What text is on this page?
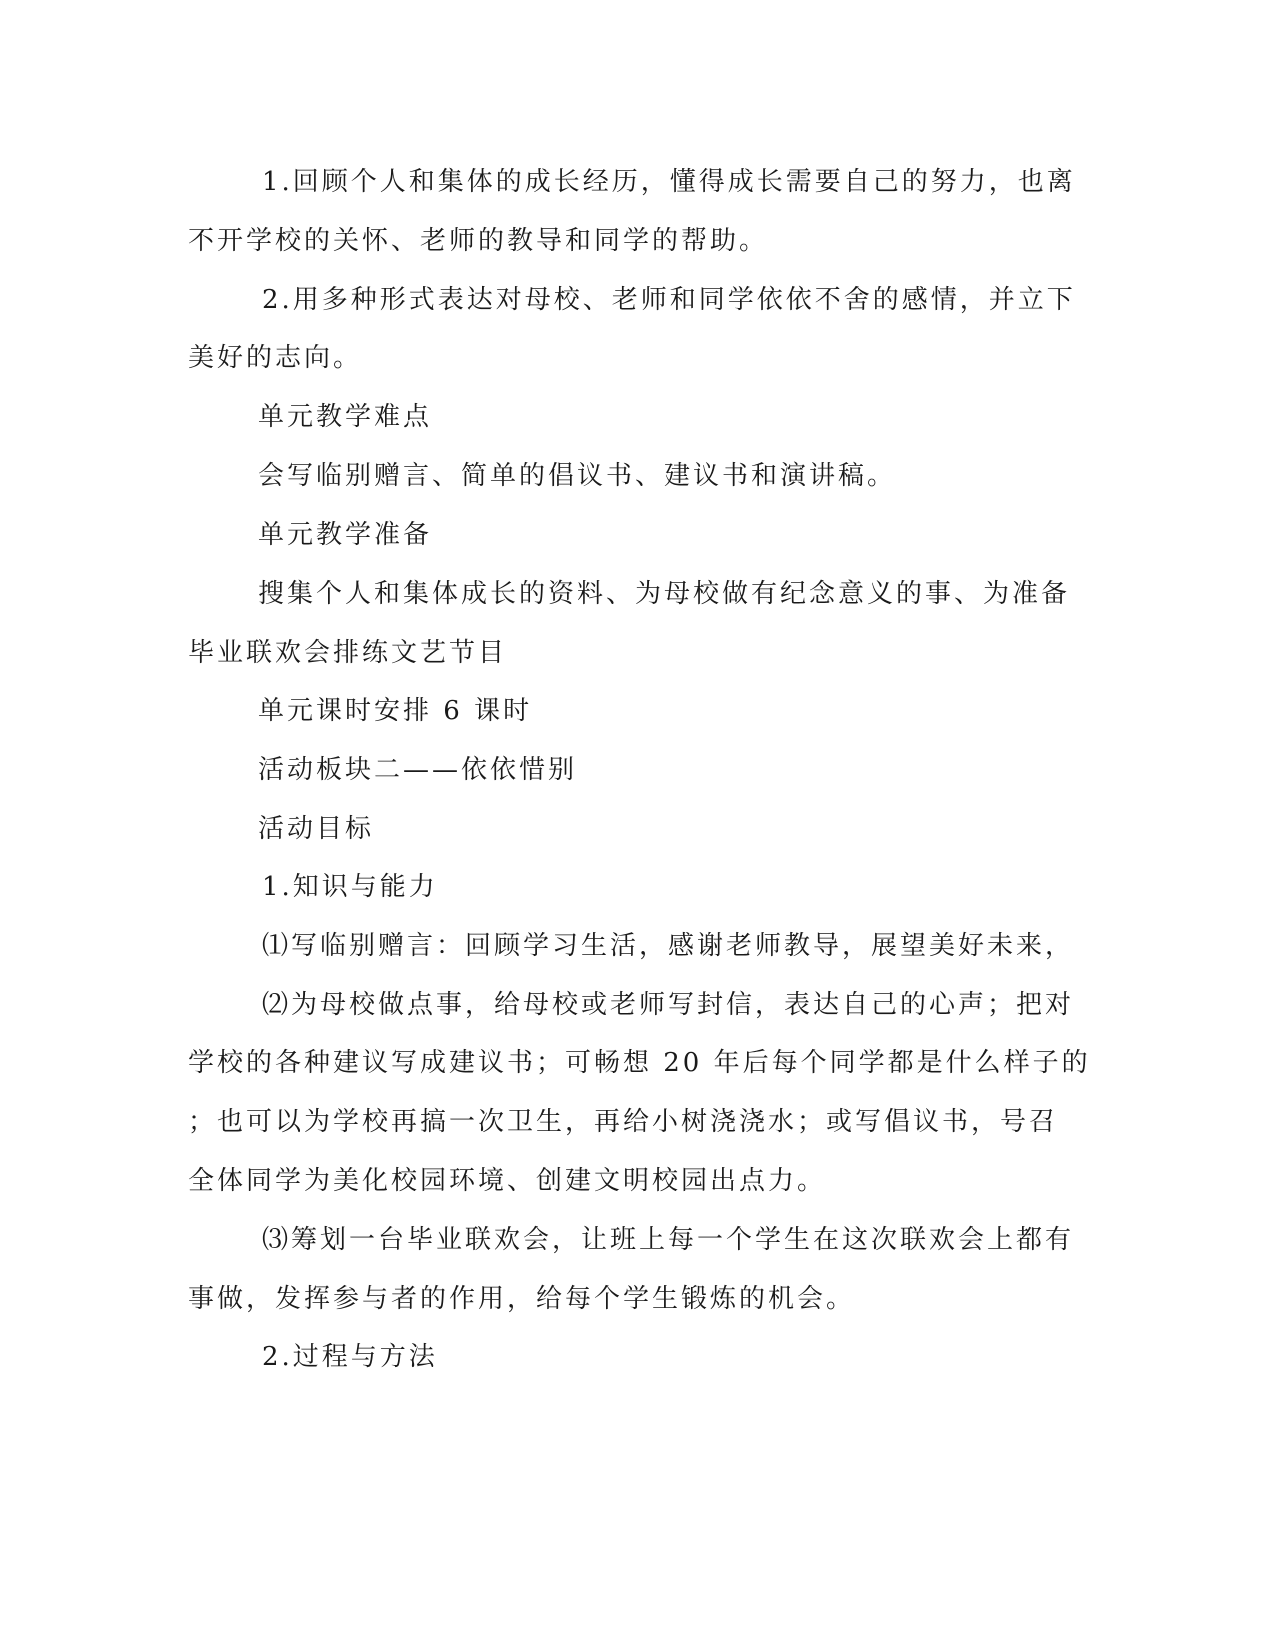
1.回顾个人和集体的成长经历，懂得成长需要自己的努力，也离
不开学校的关怀、老师的教导和同学的帮助。
2.用多种形式表达对母校、老师和同学依依不舍的感情，并立下
美好的志向。
单元教学难点
会写临别赠言、简单的倡议书、建议书和演讲稿。
单元教学准备
搜集个人和集体成长的资料、为母校做有纪念意义的事、为准备
毕业联欢会排练文艺节目
单元课时安排 6 课时
活动板块二——依依惜别
活动目标
1.知识与能力
⑴写临别赠言：回顾学习生活，感谢老师教导，展望美好未来，
⑵为母校做点事，给母校或老师写封信，表达自己的心声；把对
学校的各种建议写成建议书；可畅想 20 年后每个同学都是什么样子的
；也可以为学校再搞一次卫生，再给小树浇浇水；或写倡议书，号召
全体同学为美化校园环境、创建文明校园出点力。
⑶筹划一台毕业联欢会，让班上每一个学生在这次联欢会上都有
事做，发挥参与者的作用，给每个学生锻炼的机会。
2.过程与方法
